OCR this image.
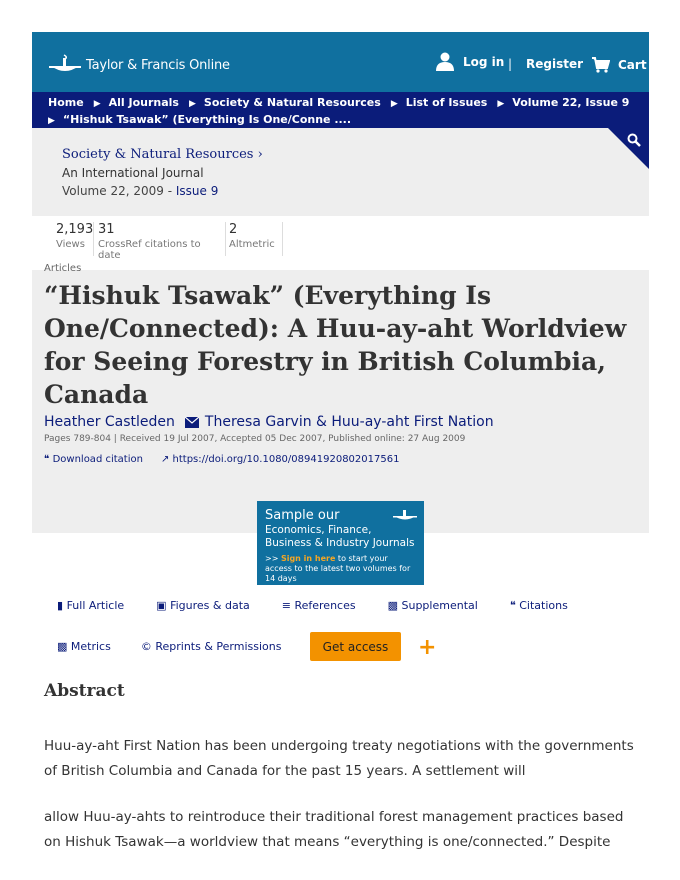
Taylor & Francis Online	Log in | Register	Cart
Home ▶ All Journals ▶ Society & Natural Resources ▶ List of Issues ▶ Volume 22, Issue 9
▶ “Hishuk Tsawak” (Everything Is One/Conne ....
Society & Natural Resources ›
An International Journal
Volume 22, 2009 - Issue 9
2,193
Views
31
CrossRef citations to date
2
Altmetric
Articles
“Hishuk Tsawak” (Everything Is One/Connected): A Huu-ay-aht Worldview for Seeing Forestry in British Columbia, Canada
Heather Castleden Theresa Garvin & Huu-ay-aht First Nation
Pages 789-804 | Received 19 Jul 2007, Accepted 05 Dec 2007, Published online: 27 Aug 2009
❝ Download citation ↗ https://doi.org/10.1080/08941920802017561
Sample our
Economics, Finance, Business & Industry Journals
>> Sign in here to start your access to the latest two volumes for 14 days
▮ Full Article	▣ Figures & data	≡ References	▩ Supplemental	❝ Citations
▩ Metrics	© Reprints & Permissions	Get access	+
Abstract

Huu-ay-aht First Nation has been undergoing treaty negotiations with the governments of British Columbia and Canada for the past 15 years. A settlement will

allow Huu-ay-ahts to reintroduce their traditional forest management practices based on Hishuk Tsawak—a worldview that means “everything is one/connected.” Despite
